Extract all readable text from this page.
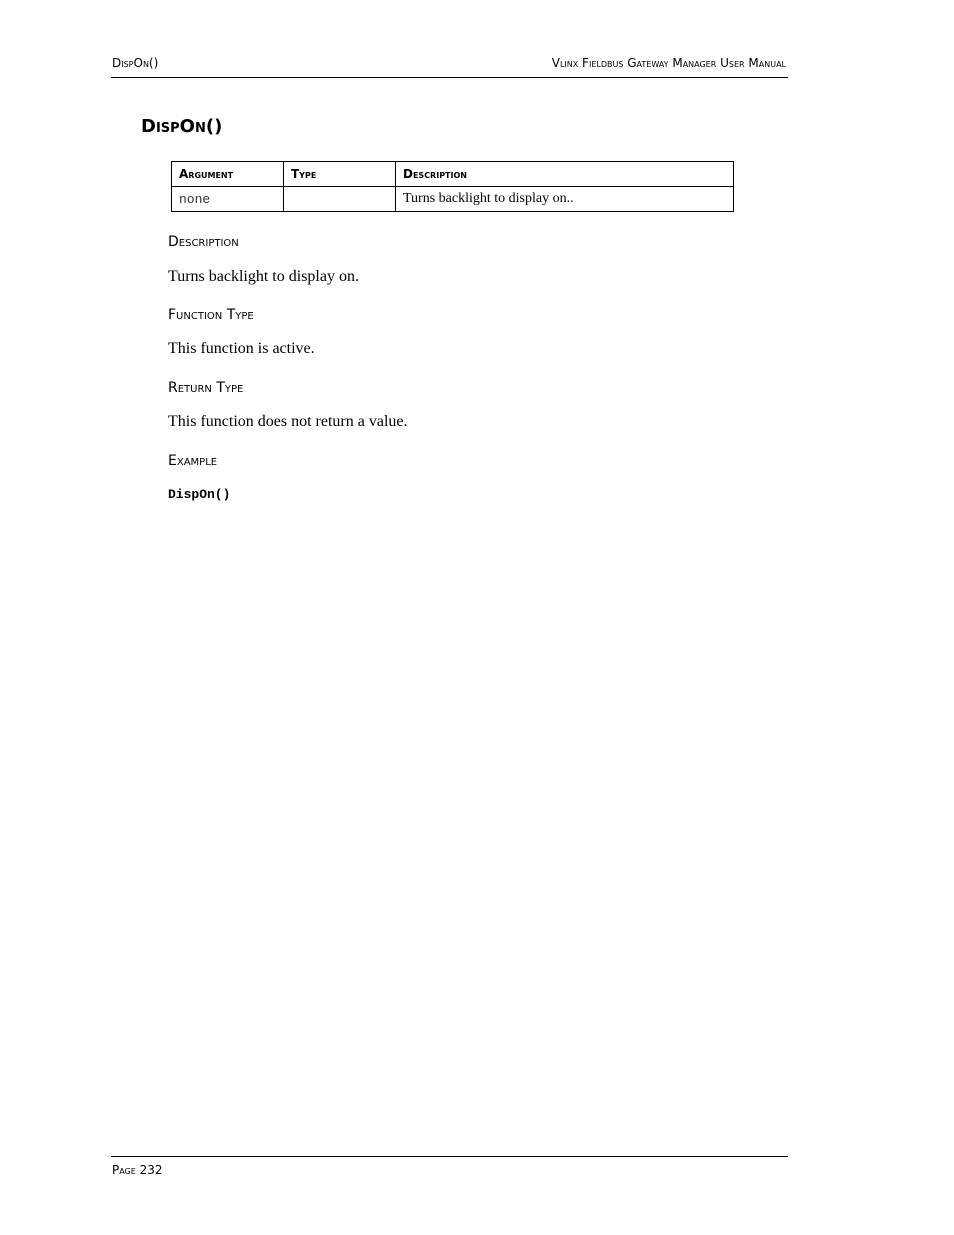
DispOn()	Vlinx Fieldbus Gateway Manager User Manual
DispOn()
Argument	Type	Description
none		Turns backlight to display on..
Description

Turns backlight to display on.

Function Type

This function is active.

Return Type

This function does not return a value.

Example
DispOn()
Page 232
